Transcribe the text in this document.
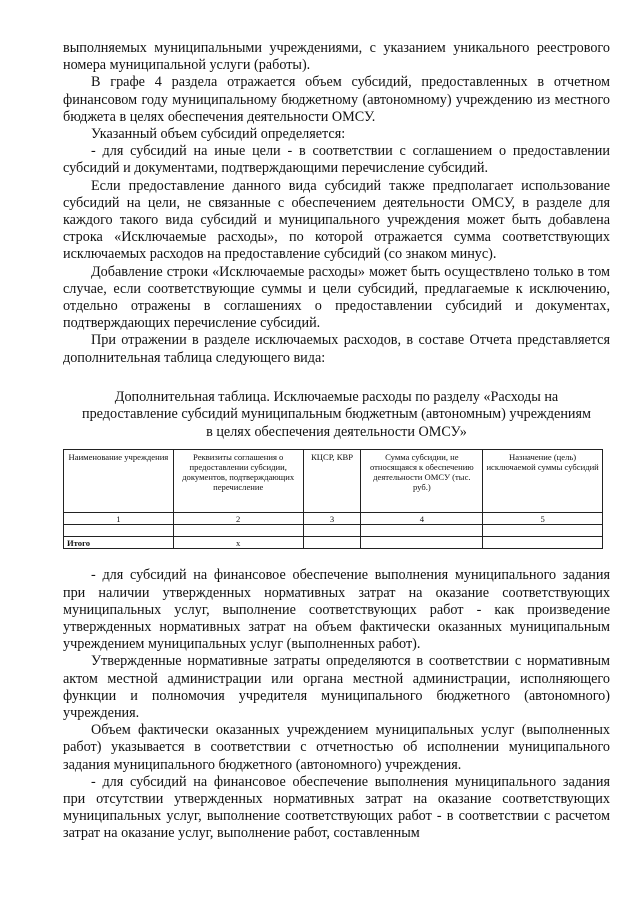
выполняемых муниципальными учреждениями, с указанием уникального реестрового номера муниципальной услуги (работы).

В графе 4 раздела отражается объем субсидий, предоставленных в отчетном финансовом году муниципальному бюджетному (автономному) учреждению из местного бюджета в целях обеспечения деятельности ОМСУ.

Указанный объем субсидий определяется:

- для субсидий на иные цели - в соответствии с соглашением о предоставлении субсидий и документами, подтверждающими перечисление субсидий.

Если предоставление данного вида субсидий также предполагает использование субсидий на цели, не связанные с обеспечением деятельности ОМСУ, в разделе для каждого такого вида субсидий и муниципального учреждения может быть добавлена строка «Исключаемые расходы», по которой отражается сумма соответствующих исключаемых расходов на предоставление субсидий (со знаком минус).

Добавление строки «Исключаемые расходы» может быть осуществлено только в том случае, если соответствующие суммы и цели субсидий, предлагаемые к исключению, отдельно отражены в соглашениях о предоставлении субсидий и документах, подтверждающих перечисление субсидий.

При отражении в разделе исключаемых расходов, в составе Отчета представляется дополнительная таблица следующего вида:

Дополнительная таблица. Исключаемые расходы по разделу «Расходы на
предоставление субсидий муниципальным бюджетным (автономным) учреждениям
в целях обеспечения деятельности ОМСУ»
Наименование учреждения	Реквизиты соглашения о предоставлении субсидии, документов, подтверждающих перечисление	КЦСР, КВР	Сумма субсидии, не относящаяся к обеспечению деятельности ОМСУ (тыс. руб.)	Назначение (цель) исключаемой суммы субсидий
1	2	3	4	5

Итого	х			

- для субсидий на финансовое обеспечение выполнения муниципального задания при наличии утвержденных нормативных затрат на оказание соответствующих муниципальных услуг, выполнение соответствующих работ - как произведение утвержденных нормативных затрат на объем фактически оказанных муниципальным учреждением муниципальных услуг (выполненных работ).

Утвержденные нормативные затраты определяются в соответствии с нормативным актом местной администрации или органа местной администрации, исполняющего функции и полномочия учредителя муниципального бюджетного (автономного) учреждения.

Объем фактически оказанных учреждением муниципальных услуг (выполненных работ) указывается в соответствии с отчетностью об исполнении муниципального задания муниципального бюджетного (автономного) учреждения.

- для субсидий на финансовое обеспечение выполнения муниципального задания при отсутствии утвержденных нормативных затрат на оказание соответствующих муниципальных услуг, выполнение соответствующих работ - в соответствии с расчетом затрат на оказание услуг, выполнение работ, составленным
